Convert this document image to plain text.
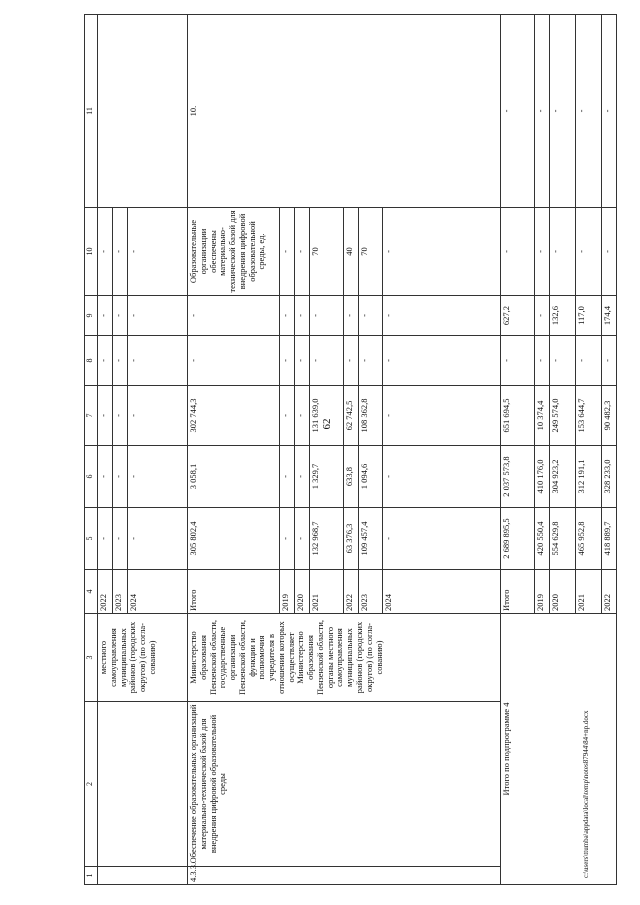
62
c:\users\ttumba\appdata\local\temp\notes87944\84+np.docx
1	2	3	4	5	6	7	8	9	10	11
		местного самоуправления муниципальных районов (городских округов) (по согла- сованию)	2022	-	-	-	-	-	-	
			2023	-	-	-	-	-	-	
			2024	-	-	-	-	-	-	
4.3.3.	Обеспечение образовательных организаций материально-технической базой для внедрения цифровой образовательной среды	Министерство образования Пензенской области, государственные организации Пензенской области, функции и полномочия учредителя в отношении которых осуществляет Министерство образования Пензенской области, органы местного самоуправления муниципальных районов (городских округов) (по согла- сованию)	Итого	305 802,4	3 058,1	302 744,3	-	-	Образовательные организации обеспечены материально-технической базой для внедрения цифровой образовательной среды, ед.	10.
			2019	-	-	-	-	-	-	
			2020	-	-	-	-	-	-	
			2021	132 968,7	1 329,7	131 639,0	-	-	70	
			2022	63 376,3	633,8	62 742,5	-	-	40	
			2023	109 457,4	1 094,6	108 362,8	-	-	70	
			2024	-	-	-	-	-	-	
Итого по подпрограмме 4			Итого	2 689 895,5	2 037 573,8	651 694,5	-	627,2	-	-
			2019	420 550,4	410 176,0	10 374,4	-	-	-	-
			2020	554 629,8	304 923,2	249 574,0	-	132,6	-	-
			2021	465 952,8	312 191,1	153 644,7	-	117,0	-	-
			2022	418 889,7	328 233,0	90 482,3	-	174,4	-	-
